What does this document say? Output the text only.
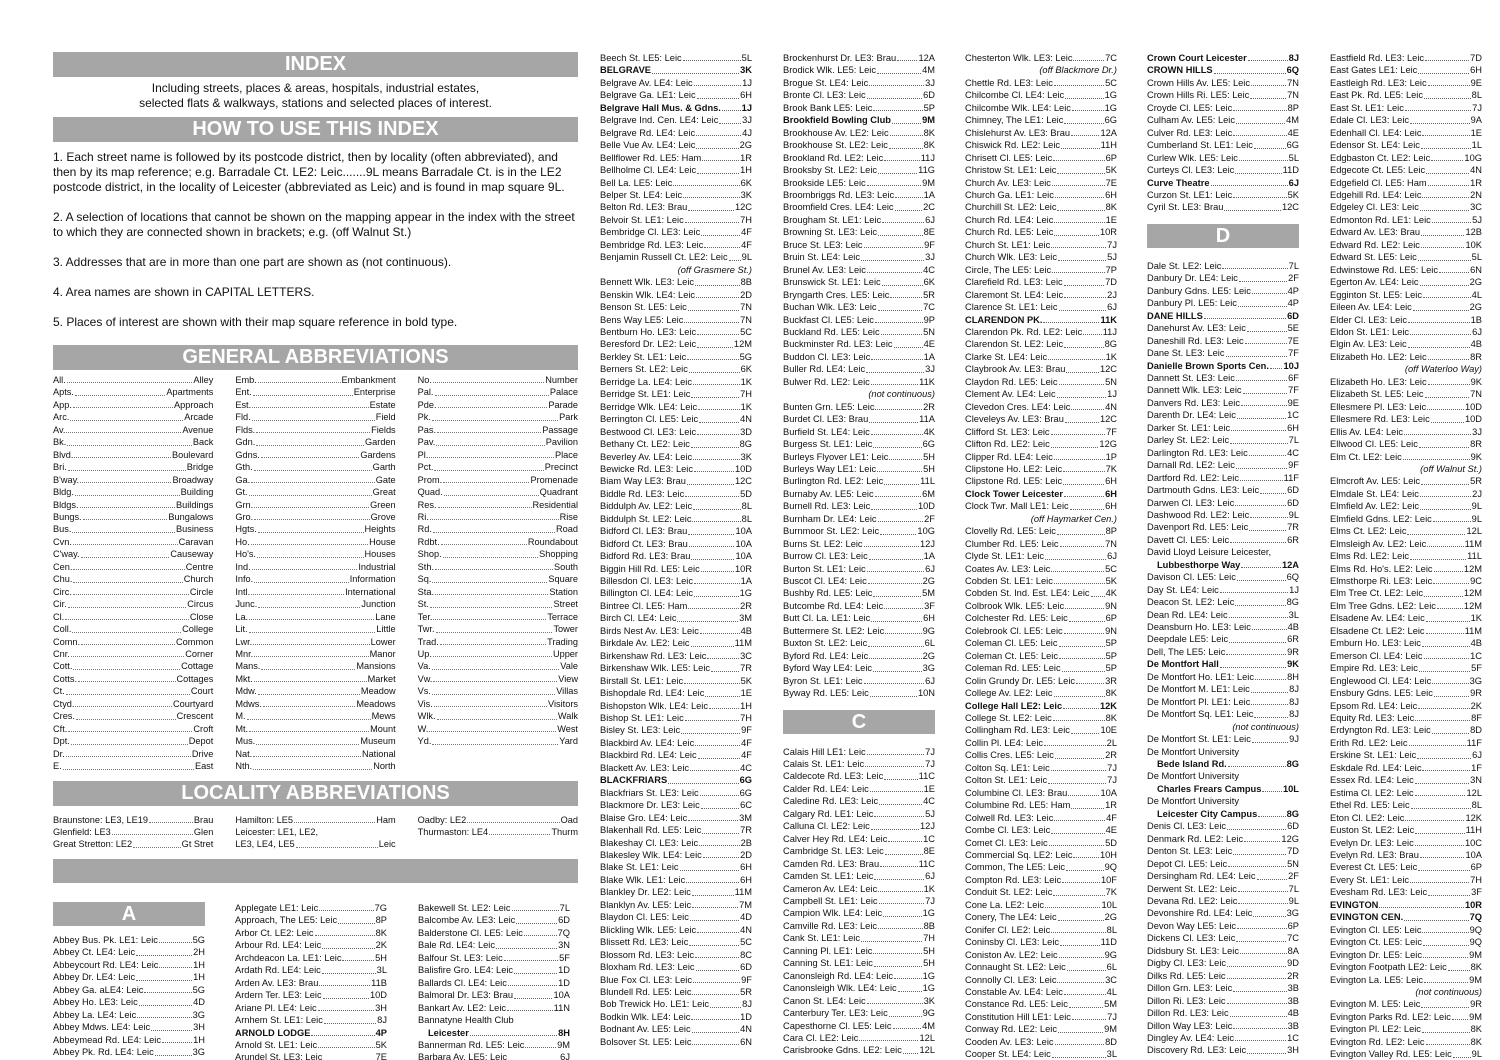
INDEX
Including streets, places & areas, hospitals, industrial estates,
selected flats & walkways, stations and selected places of interest.
HOW TO USE THIS INDEX

1. Each street name is followed by its postcode district, then by locality (often abbreviated), and then by its map reference; e.g. Barradale Ct. LE2: Leic.......9L means Barradale Ct. is in the LE2 postcode district, in the locality of Leicester (abbreviated as Leic) and is found in map square 9L.

2. A selection of locations that cannot be shown on the mapping appear in the index with the street to which they are connected shown in brackets; e.g. (off Walnut St.)

3. Addresses that are in more than one part are shown as (not continuous).

4. Area names are shown in CAPITAL LETTERS.

5. Places of interest are shown with their map square reference in bold type.

GENERAL ABBREVIATIONS
All.	Alley
Apts.	Apartments
App.	Approach
Arc.	Arcade
Av.	Avenue
Bk.	Back
Blvd.	Boulevard
Bri.	Bridge
B'way.	Broadway
Bldg.	Building
Bldgs.	Buildings
Bungs.	Bungalows
Bus.	Business
Cvn.	Caravan
C'way.	Causeway
Cen.	Centre
Chu.	Church
Circ.	Circle
Cir.	Circus
Cl.	Close
Coll.	College
Comn.	Common
Cnr.	Corner
Cott.	Cottage
Cotts.	Cottages
Ct.	Court
Ctyd.	Courtyard
Cres.	Crescent
Cft.	Croft
Dpt.	Depot
Dr.	Drive
E.	East
Emb.	Embankment
Ent.	Enterprise
Est.	Estate
Fld.	Field
Flds.	Fields
Gdn.	Garden
Gdns.	Gardens
Gth.	Garth
Ga.	Gate
Gt.	Great
Grn.	Green
Gro.	Grove
Hgts.	Heights
Ho.	House
Ho's.	Houses
Ind.	Industrial
Info.	Information
Intl.	International
Junc.	Junction
La.	Lane
Lit.	Little
Lwr.	Lower
Mnr.	Manor
Mans.	Mansions
Mkt.	Market
Mdw.	Meadow
Mdws.	Meadows
M.	Mews
Mt.	Mount
Mus.	Museum
Nat.	National
Nth.	North
No.	Number
Pal.	Palace
Pde.	Parade
Pk.	Park
Pas.	Passage
Pav.	Pavilion
Pl.	Place
Pct.	Precinct
Prom.	Promenade
Quad.	Quadrant
Res.	Residential
Ri.	Rise
Rd.	Road
Rdbt.	Roundabout
Shop.	Shopping
Sth.	South
Sq.	Square
Sta.	Station
St.	Street
Ter.	Terrace
Twr.	Tower
Trad.	Trading
Up.	Upper
Va.	Vale
Vw.	View
Vs.	Villas
Vis.	Visitors
Wlk.	Walk
W.	West
Yd.	Yard
LOCALITY ABBREVIATIONS
Braunstone: LE3, LE19	Brau
Glenfield: LE3	Glen
Great Stretton: LE2	Gt Stret
Hamilton: LE5	Ham
Leicester: LE1, LE2,
LE3, LE4, LE5	Leic
Oadby: LE2	Oad
Thurmaston: LE4	Thurm
A
Abbey Bus. Pk. LE1: Leic	5G
Abbey Ct. LE4: Leic	2H
Abbeycourt Rd. LE4: Leic	1H
Abbey Dr. LE4: Leic	1H
Abbey Ga. aLE4: Leic	5G
Abbey Ho. LE3: Leic	4D
Abbey La. LE4: Leic	3G
Abbey Mdws. LE4: Leic	3H
Abbeymead Rd. LE4: Leic	1H
Abbey Pk. Rd. LE4: Leic	3G
Applegate LE1: Leic	7G
Approach, The LE5: Leic	8P
Arbor Ct. LE2: Leic	8K
Arbour Rd. LE4: Leic	2K
Archdeacon La. LE1: Leic	5H
Ardath Rd. LE4: Leic	3L
Arden Av. LE3: Brau	11B
Ardern Ter. LE3: Leic	10D
Ariane Pl. LE4: Leic	3H
Arnhem St. LE1: Leic	8J
ARNOLD LODGE	4P
Arnold St. LE1: Leic	5K
Arundel St. LE3: Leic	7E
Bakewell St. LE2: Leic	7L
Balcombe Av. LE3: Leic	6D
Balderstone Cl. LE5: Leic	7Q
Bale Rd. LE4: Leic	3N
Balfour St. LE3: Leic	5F
Balisfire Gro. LE4: Leic	1D
Ballards Cl. LE4: Leic	1D
Balmoral Dr. LE3: Brau	10A
Bankart Av. LE2: Leic	11N
Bannatyne Health Club
Leicester	8H
Bannerman Rd. LE5: Leic	9M
Barbara Av. LE5: Leic	6J
Beech St. LE5: Leic	5L
BELGRAVE	3K
Belgrave Av. LE4: Leic	1J
Belgrave Ga. LE1: Leic	6H
Belgrave Hall Mus. & Gdns. 1J
Belgrave Ind. Cen. LE4: Leic	3J
Belgrave Rd. LE4: Leic	4J
Belle Vue Av. LE4: Leic	2G
Bellflower Rd. LE5: Ham	1R
Bellholme Cl. LE4: Leic	1H
Bell La. LE5: Leic	6K
Belper St. LE4: Leic	3K
Belton Rd. LE3: Brau	12C
Belvoir St. LE1: Leic	7H
Bembridge Cl. LE3: Leic	4F
Bembridge Rd. LE3: Leic	4F
Benjamin Russell Ct. LE2: Leic 9L
(off Grasmere St.)
Bennett Wlk. LE3: Leic	8B
Benskin Wlk. LE4: Leic	2D
Benson St. LE5: Leic	7N
Bens Way LE5: Leic	7N
Bentburn Ho. LE3: Leic	5C
Beresford Dr. LE2: Leic	12M
Berkley St. LE1: Leic	5G
Berners St. LE2: Leic	6K
Berridge La. LE4: Leic	1K
Berridge St. LE1: Leic	7H
Berridge Wlk. LE4: Leic	1K
Berrington Cl. LE5: Leic	4N
Bestwood Cl. LE3: Leic	3D
Bethany Ct. LE2: Leic	8G
Beverley Av. LE4: Leic	3K
Bewicke Rd. LE3: Leic	10D
Biam Way LE3: Brau	12C
Biddle Rd. LE3: Leic	5D
Biddulph Av. LE2: Leic	8L
Biddulph St. LE2: Leic	8L
Bidford Cl. LE3: Brau	10A
Bidford Ct. LE3: Brau	10A
Bidford Rd. LE3: Brau	10A
Biggin Hill Rd. LE5: Leic	10R
Billesdon Cl. LE3: Leic	1A
Billington Cl. LE4: Leic	1G
Bintree Cl. LE5: Ham	2R
Birch Cl. LE4: Leic	3M
Birds Nest Av. LE3: Leic	4B
Birkdale Av. LE2: Leic	11M
Birkenshaw Rd. LE3: Leic	3C
Birkenshaw Wlk. LE5: Leic	7R
Birstall St. LE1: Leic	5K
Bishopdale Rd. LE4: Leic	1E
Bishopston Wlk. LE4: Leic	1H
Bishop St. LE1: Leic	7H
Bisley St. LE3: Leic	9F
Blackbird Av. LE4: Leic	4F
Blackbird Rd. LE4: Leic	4F
Blackett Av. LE3: Leic	4C
BLACKFRIARS	6G
Blackfriars St. LE3: Leic	6G
Blackmore Dr. LE3: Leic	6C
Blaise Gro. LE4: Leic	3M
Blakenhall Rd. LE5: Leic	7R
Blakeshay Cl. LE3: Leic	2B
Blakesley Wlk. LE4: Leic	2D
Blake St. LE1: Leic	6H
Blake Wlk. LE1: Leic	6H
Blankley Dr. LE2: Leic	11M
Blanklyn Av. LE5: Leic	7M
Blaydon Cl. LE5: Leic	4D
Blickling Wlk. LE5: Leic	4N
Blissett Rd. LE3: Leic	5C
Blossom Rd. LE3: Leic	8C
Bloxham Rd. LE3: Leic	6D
Blue Fox Cl. LE3: Leic	9F
Blundell Rd. LE5: Leic	5R
Bob Trewick Ho. LE1: Leic	8J
Bodkin Wlk. LE4: Leic	1D
Bodnant Av. LE5: Leic	4N
Bolsover St. LE5: Leic	6N
Brockenhurst Dr. LE3: Brau 12A
Brodick Wlk. LE5: Leic	4M
Brogue St. LE4: Leic	3J
Bronte Cl. LE3: Leic	6D
Brook Bank LE5: Leic	5P
Brookfield Bowling Club	9M
Brookhouse Av. LE2: Leic	8K
Brookhouse St. LE2: Leic	8K
Brookland Rd. LE2: Leic	11J
Brooksby St. LE2: Leic	11G
Brookside LE5: Leic	9M
Broombriggs Rd. LE3: Leic	1A
Broomfield Cres. LE4: Leic	2C
Brougham St. LE1: Leic	6J
Browning St. LE3: Leic	8E
Bruce St. LE3: Leic	9F
Bruin St. LE4: Leic	3J
Brunel Av. LE3: Leic	4C
Brunswick St. LE1: Leic	6K
Bryngarth Cres. LE5: Leic	5R
Buchan Wlk. LE3: Leic	7C
Buckfast Cl. LE5: Leic	9P
Buckland Rd. LE5: Leic	5N
Buckminster Rd. LE3: Leic	4E
Buddon Cl. LE3: Leic	1A
Buller Rd. LE4: Leic	3J
Bulwer Rd. LE2: Leic	11K
(not continuous)
Bunten Grn. LE5: Leic	2R
Burdet Cl. LE3: Brau	11A
Burfield St. LE4: Leic	4K
Burgess St. LE1: Leic	6G
Burleys Flyover LE1: Leic	5H
Burleys Way LE1: Leic	5H
Burlington Rd. LE2: Leic	11L
Burnaby Av. LE5: Leic	6M
Burnell Rd. LE3: Leic	10D
Burnham Dr. LE4: Leic	2F
Burnmoor St. LE2: Leic	10G
Burns St. LE2: Leic	12J
Burrow Cl. LE3: Leic	1A
Burton St. LE1: Leic	6J
Buscot Cl. LE4: Leic	2G
Bushby Rd. LE5: Leic	5M
Butcombe Rd. LE4: Leic	3F
Butt Cl. La. LE1: Leic	6H
Buttermere St. LE2: Leic	9G
Buxton St. LE2: Leic	6L
Byford Rd. LE4: Leic	2G
Byford Way LE4: Leic	3G
Byron St. LE1: Leic	6J
Byway Rd. LE5: Leic	10N
C
Calais Hill LE1: Leic	7J
Calais St. LE1: Leic	7J
Caldecote Rd. LE3: Leic	11C
Calder Rd. LE4: Leic	1E
Caledine Rd. LE3: Leic	4C
Calgary Rd. LE1: Leic	5J
Calluna Cl. LE2: Leic	12J
Calver Hey Rd. LE4: Leic	1C
Cambridge St. LE3: Leic	8E
Camden Rd. LE3: Brau	11C
Camden St. LE1: Leic	6J
Cameron Av. LE4: Leic	1K
Campbell St. LE1: Leic	7J
Campion Wlk. LE4: Leic	1G
Camville Rd. LE3: Leic	8B
Cank St. LE1: Leic	7H
Canning Pl. LE1: Leic	5H
Canning St. LE1: Leic	5H
Canonsleigh Rd. LE4: Leic	1G
Canonsleigh Wlk. LE4: Leic	1G
Canon St. LE4: Leic	3K
Canterbury Ter. LE3: Leic	9G
Capesthorne Cl. LE5: Leic	4M
Cara Cl. LE2: Leic	12L
Carisbrooke Gdns. LE2: Leic 12L
Chesterton Wlk. LE3: Leic	7C
(off Blackmore Dr.)
Chettle Rd. LE3: Leic	5C
Chilcombe Cl. LE4: Leic	1G
Chilcombe Wlk. LE4: Leic	1G
Chimney, The LE1: Leic	6G
Chislehurst Av. LE3: Brau	12A
Chiswick Rd. LE2: Leic	11H
Chrisett Cl. LE5: Leic	6P
Christow St. LE1: Leic	5K
Church Av. LE3: Leic	7E
Church Ga. LE1: Leic	6H
Churchill St. LE2: Leic	8K
Church Rd. LE4: Leic	1E
Church Rd. LE5: Leic	10R
Church St. LE1: Leic	7J
Church Wlk. LE3: Leic	5J
Circle, The LE5: Leic	7P
Clarefield Rd. LE3: Leic	7D
Claremont St. LE4: Leic	2J
Clarence St. LE1: Leic	6J
CLARENDON PK.	11K
Clarendon Pk. Rd. LE2: Leic 11J
Clarendon St. LE2: Leic	8G
Clarke St. LE4: Leic	1K
Claybrook Av. LE3: Brau	12C
Claydon Rd. LE5: Leic	5N
Clement Av. LE4: Leic	1J
Clevedon Cres. LE4: Leic	4N
Cleveleys Av. LE3: Brau	12C
Clifford St. LE3: Leic	7F
Clifton Rd. LE2: Leic	12G
Clipper Rd. LE4: Leic	1P
Clipstone Ho. LE2: Leic	7K
Clipstone Rd. LE5: Leic	6H
Clock Tower Leicester	6H
Clock Twr. Mall LE1: Leic	6H
(off Haymarket Cen.)
Clovelly Rd. LE5: Leic	8P
Clumber Rd. LE5: Leic	7N
Clyde St. LE1: Leic	6J
Coates Av. LE3: Leic	5C
Cobden St. LE1: Leic	5K
Cobden St. Ind. Est. LE4: Leic 4K
Colbrook Wlk. LE5: Leic	9N
Colchester Rd. LE5: Leic	6P
Colebrook Cl. LE5: Leic	9N
Coleman Cl. LE5: Leic	5P
Coleman Ct. LE5: Leic	5P
Coleman Rd. LE5: Leic	5P
Colin Grundy Dr. LE5: Leic	3R
College Av. LE2: Leic	8K
College Hall LE2: Leic	12K
College St. LE2: Leic	8K
Collingham Rd. LE3: Leic	10E
Collin Pl. LE4: Leic	2L
Collis Cres. LE5: Leic	2R
Colton Sq. LE1: Leic	7J
Colton St. LE1: Leic	7J
Columbine Cl. LE3: Brau	10A
Columbine Rd. LE5: Ham	1R
Colwell Rd. LE3: Leic	4F
Combe Cl. LE3: Leic	4E
Comet Cl. LE3: Leic	5D
Commercial Sq. LE2: Leic	10H
Common, The LE5: Leic	9Q
Compton Rd. LE3: Leic	10F
Conduit St. LE2: Leic	7K
Cone La. LE2: Leic	10L
Conery, The LE4: Leic	2G
Conifer Cl. LE2: Leic	8L
Coninsby Cl. LE3: Leic	11D
Coniston Av. LE2: Leic	9G
Connaught St. LE2: Leic	6L
Connolly Cl. LE3: Leic	3C
Constable Av. LE4: Leic	4L
Constance Rd. LE5: Leic	5M
Constitution Hill LE1: Leic	7J
Conway Rd. LE2: Leic	9M
Cooden Av. LE3: Leic	8D
Cooper St. LE4: Leic	3L
Crown Court Leicester	8J
CROWN HILLS	6Q
Crown Hills Av. LE5: Leic	7N
Crown Hills Ri. LE5: Leic	7N
Croyde Cl. LE5: Leic	8P
Culham Av. LE5: Leic	4M
Culver Rd. LE3: Leic	4E
Cumberland St. LE1: Leic	6G
Curlew Wlk. LE5: Leic	5L
Curteys Cl. LE3: Leic	11D
Curve Theatre	6J
Curzon St. LE1: Leic	5K
Cyril St. LE3: Brau	12C
D
Dale St. LE2: Leic	7L
Danbury Dr. LE4: Leic	2F
Danbury Gdns. LE5: Leic	4P
Danbury Pl. LE5: Leic	4P
DANE HILLS	6D
Danehurst Av. LE3: Leic	5E
Daneshill Rd. LE3: Leic	7E
Dane St. LE3: Leic	7F
Danielle Brown Sports Cen. 10J
Dannett St. LE3: Leic	6F
Dannett Wlk. LE3: Leic	7F
Danvers Rd. LE3: Leic	9E
Darenth Dr. LE4: Leic	1C
Darker St. LE1: Leic	6H
Darley St. LE2: Leic	7L
Darlington Rd. LE3: Leic	4C
Darnall Rd. LE2: Leic	9F
Dartford Rd. LE2: Leic	11F
Dartmouth Gdns. LE3: Leic	6D
Darwen Cl. LE3: Leic	6D
Dashwood Rd. LE2: Leic	9L
Davenport Rd. LE5: Leic	7R
Davett Cl. LE5: Leic	6R
David Lloyd Leisure Leicester,
Lubbesthorpe Way	12A
Davison Cl. LE5: Leic	6Q
Day St. LE4: Leic	1J
Deacon St. LE2: Leic	8G
Dean Rd. LE4: Leic	3L
Deansburn Ho. LE3: Leic	4B
Deepdale LE5: Leic	6R
Dell, The LE5: Leic	9R
De Montfort Hall	9K
De Montfort Ho. LE1: Leic	8H
De Montfort M. LE1: Leic	8J
De Montfort Pl. LE1: Leic	8J
De Montfort Sq. LE1: Leic	8J
(not continuous)
De Montfort St. LE1: Leic	9J
De Montfort University
Bede Island Rd.	8G
De Montfort University
Charles Frears Campus 10L
De Montfort University
Leicester City Campus	8G
Denis Cl. LE3: Leic	6D
Denmark Rd. LE2: Leic	12G
Denton St. LE3: Leic	7D
Depot Cl. LE5: Leic	5N
Dersingham Rd. LE4: Leic	2F
Derwent St. LE2: Leic	7L
Devana Rd. LE2: Leic	9L
Devonshire Rd. LE4: Leic	3G
Devon Way LE5: Leic	6P
Dickens Cl. LE3: Leic	7C
Didsbury St. LE3: Leic	8A
Digby Cl. LE3: Leic	9D
Dilks Rd. LE5: Leic	2R
Dillon Grn. LE3: Leic	3B
Dillon Ri. LE3: Leic	3B
Dillon Rd. LE3: Leic	4B
Dillon Way LE3: Leic	3B
Dingley Av. LE4: Leic	1C
Discovery Rd. LE3: Leic	3H
Eastfield Rd. LE3: Leic	7D
East Gates LE1: Leic	6H
Eastleigh Rd. LE3: Leic	9E
East Pk. Rd. LE5: Leic	8L
East St. LE1: Leic	7J
Edale Cl. LE3: Leic	9A
Edenhall Cl. LE4: Leic	1E
Edensor St. LE4: Leic	1L
Edgbaston Ct. LE2: Leic	10G
Edgecote Ct. LE5: Leic	4N
Edgefield Cl. LE5: Ham	1R
Edgehill Rd. LE4: Leic	2N
Edgeley Cl. LE3: Leic	3C
Edmonton Rd. LE1: Leic	5J
Edward Av. LE3: Brau	12B
Edward Rd. LE2: Leic	10K
Edward St. LE5: Leic	5L
Edwinstowe Rd. LE5: Leic	6N
Egerton Av. LE4: Leic	2G
Egginton St. LE5: Leic	4L
Eileen Av. LE4: Leic	2G
Elder Cl. LE3: Leic	1B
Eldon St. LE1: Leic	6J
Elgin Av. LE3: Leic	4B
Elizabeth Ho. LE2: Leic	8R
(off Waterloo Way)
Elizabeth Ho. LE3: Leic	9K
Elizabeth St. LE5: Leic	7N
Ellesmere Pl. LE3: Leic	10D
Ellesmere Rd. LE3: Leic	10D
Ellis Av. LE4: Leic	3J
Ellwood Cl. LE5: Leic	8R
Elm Ct. LE2: Leic	9K
(off Walnut St.)
Elmcroft Av. LE5: Leic	5R
Elmdale St. LE4: Leic	2J
Elmfield Av. LE2: Leic	9L
Elmfield Gdns. LE2: Leic	9L
Elms Ct. LE2: Leic	12L
Elmsleigh Av. LE2: Leic	11M
Elms Rd. LE2: Leic	11L
Elms Rd. Ho's. LE2: Leic	12M
Elmsthorpe Ri. LE3: Leic	9C
Elm Tree Ct. LE2: Leic	12M
Elm Tree Gdns. LE2: Leic	12M
Elsadene Av. LE4: Leic	1K
Elsadene Ct. LE2: Leic	11M
Emburn Ho. LE3: Leic	4B
Emerson Cl. LE4: Leic	1C
Empire Rd. LE3: Leic	5F
Englewood Cl. LE4: Leic	3G
Ensbury Gdns. LE5: Leic	9R
Epsom Rd. LE4: Leic	2K
Equity Rd. LE3: Leic	8F
Erdyngton Rd. LE3: Leic	8D
Erith Rd. LE2: Leic	11F
Erskine St. LE1: Leic	6J
Eskdale Rd. LE4: Leic	1F
Essex Rd. LE4: Leic	3N
Estima Cl. LE2: Leic	12L
Ethel Rd. LE5: Leic	8L
Eton Cl. LE2: Leic	12K
Euston St. LE2: Leic	11H
Evelyn Dr. LE3: Leic	10C
Evelyn Rd. LE3: Brau	10A
Everest Ct. LE5: Leic	6P
Every St. LE1: Leic	7H
Evesham Rd. LE3: Leic	3F
EVINGTON	10R
EVINGTON CEN.	7Q
Evington Cl. LE5: Leic	9Q
Evington Ct. LE5: Leic	9Q
Evington Dr. LE5: Leic	9M
Evington Footpath LE2: Leic	8K
Evington La. LE5: Leic	9M
(not continuous)
Evington M. LE5: Leic	9R
Evington Parks Rd. LE2: Leic 9M
Evington Pl. LE2: Leic	8K
Evington Rd. LE2: Leic	8K
Evington Valley Rd. LE5: Leic 9L
